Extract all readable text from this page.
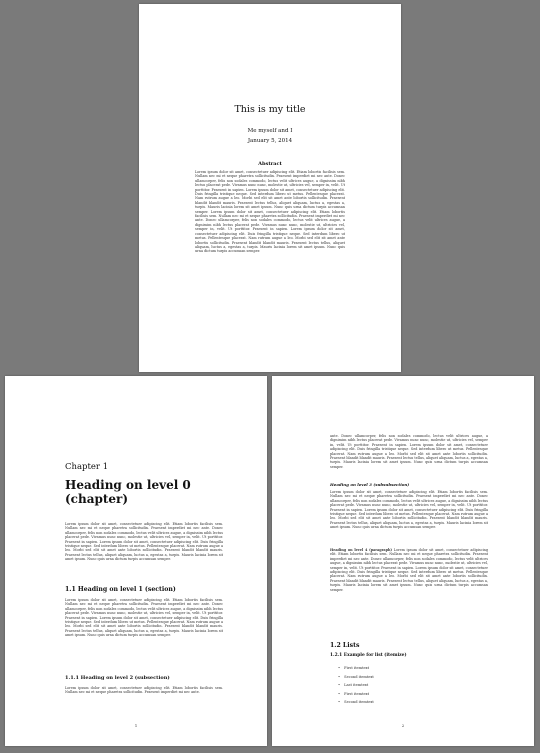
This is my title
Me myself and I
January 5, 2014
Abstract
Lorem ipsum dolor sit amet, consectetuer adipiscing elit. Etiam lobortis facilisis sem. Nullam nec mi et neque pharetra sollicitudin. Praesent imperdiet mi nec ante. Donec ullamcorper, felis non sodales commodo, lectus velit ultrices augue, a dignissim nibh lectus placerat pede. Vivamus nunc nunc, molestie ut, ultricies vel, semper in, velit. Ut porttitor. Praesent in sapien. Lorem ipsum dolor sit amet, consectetuer adipiscing elit. Duis fringilla tristique neque. Sed interdum libero ut metus. Pellentesque placerat. Nam rutrum augue a leo. Morbi sed elit sit amet ante lobortis sollicitudin. Praesent blandit blandit mauris. Praesent lectus tellus, aliquet aliquam, luctus a, egestas a, turpis. Mauris lacinia lorem sit amet ipsum. Nunc quis urna dictum turpis accumsan semper. Lorem ipsum dolor sit amet, consectetuer adipiscing elit. Etiam lobortis facilisis sem. Nullam nec mi et neque pharetra sollicitudin. Praesent imperdiet mi nec ante. Donec ullamcorper, felis non sodales commodo, lectus velit ultrices augue, a dignissim nibh lectus placerat pede. Vivamus nunc nunc, molestie ut, ultricies vel, semper in, velit. Ut porttitor. Praesent in sapien. Lorem ipsum dolor sit amet, consectetuer adipiscing elit. Duis fringilla tristique neque. Sed interdum libero ut metus. Pellentesque placerat. Nam rutrum augue a leo. Morbi sed elit sit amet ante lobortis sollicitudin. Praesent blandit blandit mauris. Praesent lectus tellus, aliquet aliquam, luctus a, egestas a, turpis. Mauris lacinia lorem sit amet ipsum. Nunc quis urna dictum turpis accumsan semper.
Chapter 1
Heading on level 0 (chapter)
Lorem ipsum dolor sit amet, consectetuer adipiscing elit. Etiam lobortis facilisis sem. Nullam nec mi et neque pharetra sollicitudin. Praesent imperdiet mi nec ante. Donec ullamcorper, felis non sodales commodo, lectus velit ultrices augue, a dignissim nibh lectus placerat pede. Vivamus nunc nunc, molestie ut, ultricies vel, semper in, velit. Ut porttitor. Praesent in sapien. Lorem ipsum dolor sit amet, consectetuer adipiscing elit. Duis fringilla tristique neque. Sed interdum libero ut metus. Pellentesque placerat. Nam rutrum augue a leo. Morbi sed elit sit amet ante lobortis sollicitudin. Praesent blandit blandit mauris. Praesent lectus tellus, aliquet aliquam, luctus a, egestas a, turpis. Mauris lacinia lorem sit amet ipsum. Nunc quis urna dictum turpis accumsan semper.
1.1 Heading on level 1 (section)
Lorem ipsum dolor sit amet, consectetuer adipiscing elit. Etiam lobortis facilisis sem. Nullam nec mi et neque pharetra sollicitudin. Praesent imperdiet mi nec ante. Donec ullamcorper, felis non sodales commodo, lectus velit ultrices augue, a dignissim nibh lectus placerat pede. Vivamus nunc nunc, molestie ut, ultricies vel, semper in, velit. Ut porttitor. Praesent in sapien. Lorem ipsum dolor sit amet, consectetuer adipiscing elit. Duis fringilla tristique neque. Sed interdum libero ut metus. Pellentesque placerat. Nam rutrum augue a leo. Morbi sed elit sit amet ante lobortis sollicitudin. Praesent blandit blandit mauris. Praesent lectus tellus, aliquet aliquam, luctus a, egestas a, turpis. Mauris lacinia lorem sit amet ipsum. Nunc quis urna dictum turpis accumsan semper.
1.1.1 Heading on level 2 (subsection)
Lorem ipsum dolor sit amet, consectetuer adipiscing elit. Etiam lobortis facilisis sem. Nullam nec mi et neque pharetra sollicitudin. Praesent imperdiet mi nec ante.
1
ante. Donec ullamcorper, felis non sodales commodo, lectus velit ultrices augue, a dignissim nibh lectus placerat pede. Vivamus nunc nunc, molestie ut, ultricies vel, semper in, velit. Ut porttitor. Praesent in sapien. Lorem ipsum dolor sit amet, consectetuer adipiscing elit. Duis fringilla tristique neque. Sed interdum libero ut metus. Pellentesque placerat. Nam rutrum augue a leo. Morbi sed elit sit amet ante lobortis sollicitudin. Praesent blandit blandit mauris. Praesent lectus tellus, aliquet aliquam, luctus a, egestas a, turpis. Mauris lacinia lorem sit amet ipsum. Nunc quis urna dictum turpis accumsan semper.
Heading on level 3 (subsubsection)
Lorem ipsum dolor sit amet, consectetuer adipiscing elit. Etiam lobortis facilisis sem. Nullam nec mi et neque pharetra sollicitudin. Praesent imperdiet mi nec ante. Donec ullamcorper, felis non sodales commodo, lectus velit ultrices augue, a dignissim nibh lectus placerat pede. Vivamus nunc nunc, molestie ut, ultricies vel, semper in, velit. Ut porttitor. Praesent in sapien. Lorem ipsum dolor sit amet, consectetuer adipiscing elit. Duis fringilla tristique neque. Sed interdum libero ut metus. Pellentesque placerat. Nam rutrum augue a leo. Morbi sed elit sit amet ante lobortis sollicitudin. Praesent blandit blandit mauris. Praesent lectus tellus, aliquet aliquam, luctus a, egestas a, turpis. Mauris lacinia lorem sit amet ipsum. Nunc quis urna dictum turpis accumsan semper.
Heading on level 4 (paragraph) Lorem ipsum dolor sit amet, consectetuer adipiscing elit. Etiam lobortis facilisis sem. Nullam nec mi et neque pharetra sollicitudin. Praesent imperdiet mi nec ante. Donec ullamcorper, felis non sodales commodo, lectus velit ultrices augue, a dignissim nibh lectus placerat pede. Vivamus nunc nunc, molestie ut, ultricies vel, semper in, velit. Ut porttitor. Praesent in sapien. Lorem ipsum dolor sit amet, consectetuer adipiscing elit. Duis fringilla tristique neque. Sed interdum libero ut metus. Pellentesque placerat. Nam rutrum augue a leo. Morbi sed elit sit amet ante lobortis sollicitudin. Praesent blandit blandit mauris. Praesent lectus tellus, aliquet aliquam, luctus a, egestas a, turpis. Mauris lacinia lorem sit amet ipsum. Nunc quis urna dictum turpis accumsan semper.
1.2 Lists
1.2.1 Example for list (itemize)
• First itemtext
• Second itemtext
• Last itemtext
• First itemtext
• Second itemtext
2
